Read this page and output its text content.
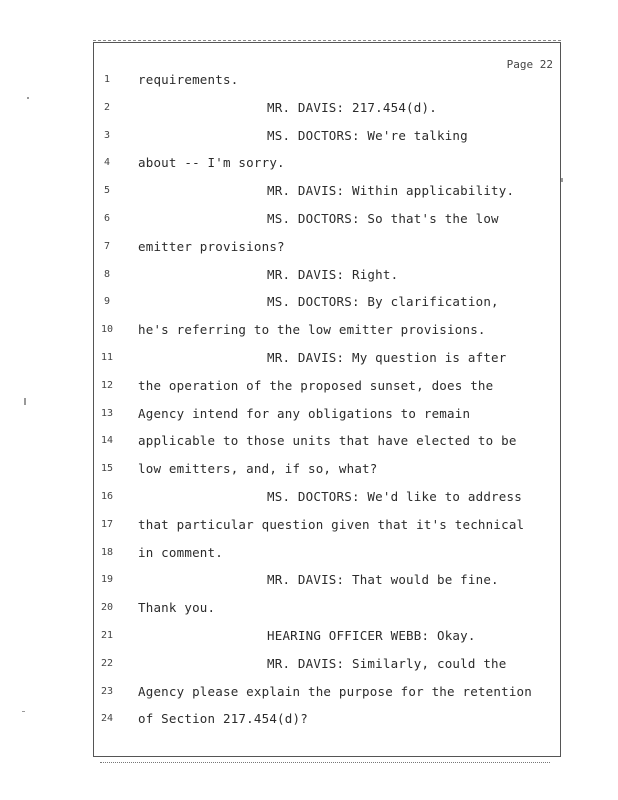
Page 22
1	requirements.
2	MR. DAVIS: 217.454(d).
3	MS. DOCTORS: We're talking
4	about -- I'm sorry.
5	MR. DAVIS: Within applicability.
6	MS. DOCTORS: So that's the low
7	emitter provisions?
8	MR. DAVIS: Right.
9	MS. DOCTORS: By clarification,
10	he's referring to the low emitter provisions.
11	MR. DAVIS: My question is after
12	the operation of the proposed sunset, does the
13	Agency intend for any obligations to remain
14	applicable to those units that have elected to be
15	low emitters, and, if so, what?
16	MS. DOCTORS: We'd like to address
17	that particular question given that it's technical
18	in comment.
19	MR. DAVIS: That would be fine.
20	Thank you.
21	HEARING OFFICER WEBB: Okay.
22	MR. DAVIS: Similarly, could the
23	Agency please explain the purpose for the retention
24	of Section 217.454(d)?
